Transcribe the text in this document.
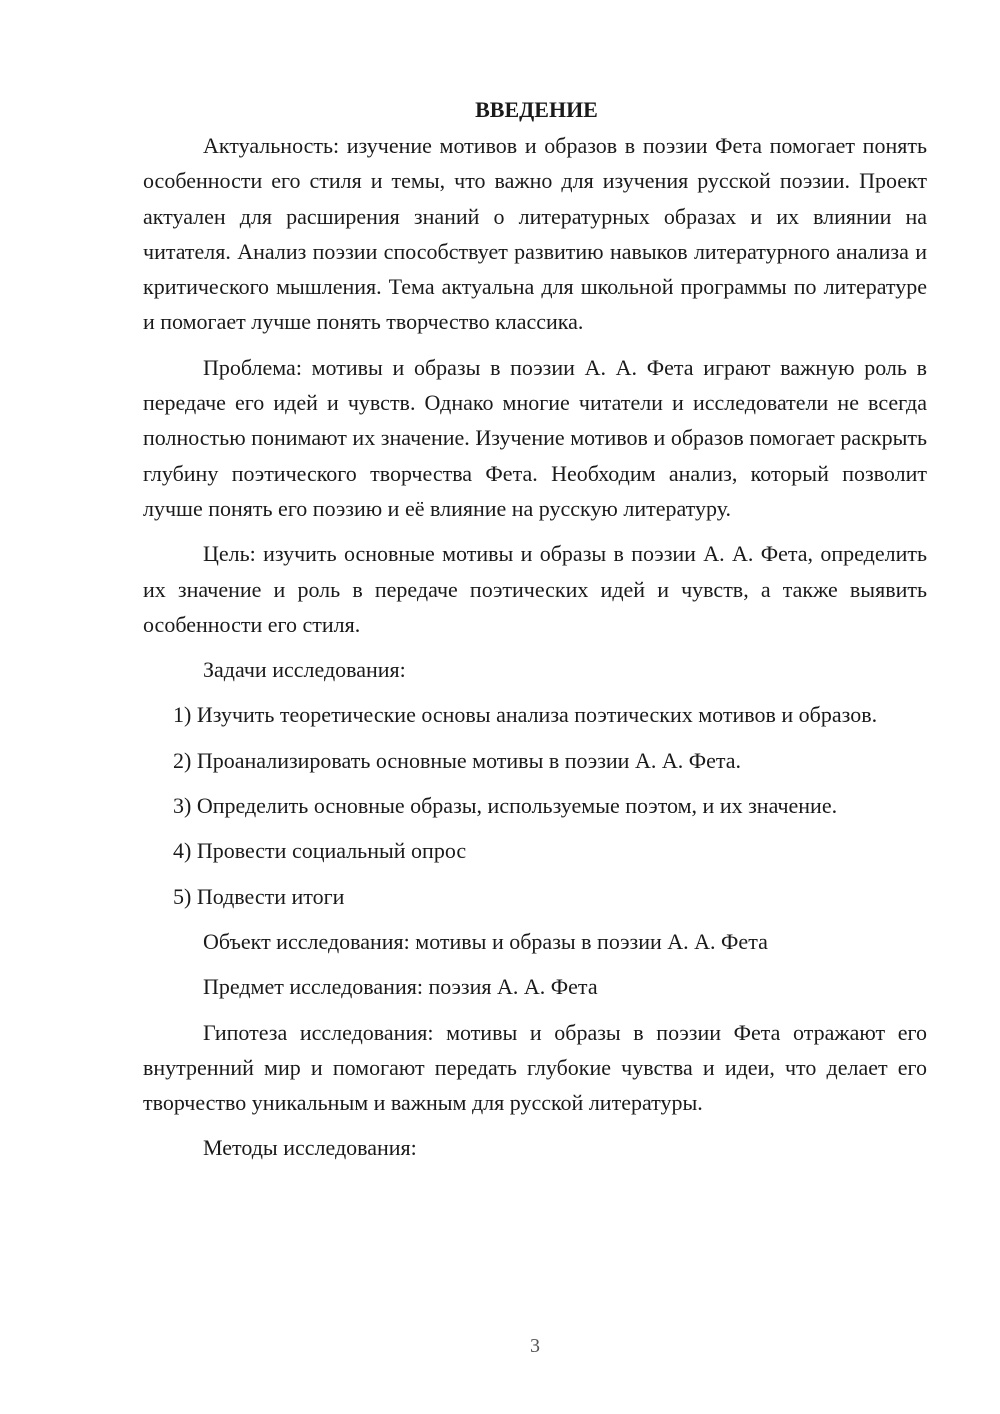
ВВЕДЕНИЕ

Актуальность: изучение мотивов и образов в поэзии Фета помогает понять особенности его стиля и темы, что важно для изучения русской поэзии. Проект актуален для расширения знаний о литературных образах и их влиянии на читателя. Анализ поэзии способствует развитию навыков литературного анализа и критического мышления. Тема актуальна для школьной программы по литературе и помогает лучше понять творчество классика.

Проблема: мотивы и образы в поэзии А. А. Фета играют важную роль в передаче его идей и чувств. Однако многие читатели и исследователи не всегда полностью понимают их значение. Изучение мотивов и образов помогает раскрыть глубину поэтического творчества Фета. Необходим анализ, который позволит лучше понять его поэзию и её влияние на русскую литературу.

Цель: изучить основные мотивы и образы в поэзии А. А. Фета, определить их значение и роль в передаче поэтических идей и чувств, а также выявить особенности его стиля.

Задачи исследования:

1) Изучить теоретические основы анализа поэтических мотивов и образов.

2) Проанализировать основные мотивы в поэзии А. А. Фета.

3) Определить основные образы, используемые поэтом, и их значение.

4) Провести социальный опрос

5) Подвести итоги

Объект исследования: мотивы и образы в поэзии А. А. Фета

Предмет исследования: поэзия А. А. Фета

Гипотеза исследования: мотивы и образы в поэзии Фета отражают его внутренний мир и помогают передать глубокие чувства и идеи, что делает его творчество уникальным и важным для русской литературы.

Методы исследования:

3
